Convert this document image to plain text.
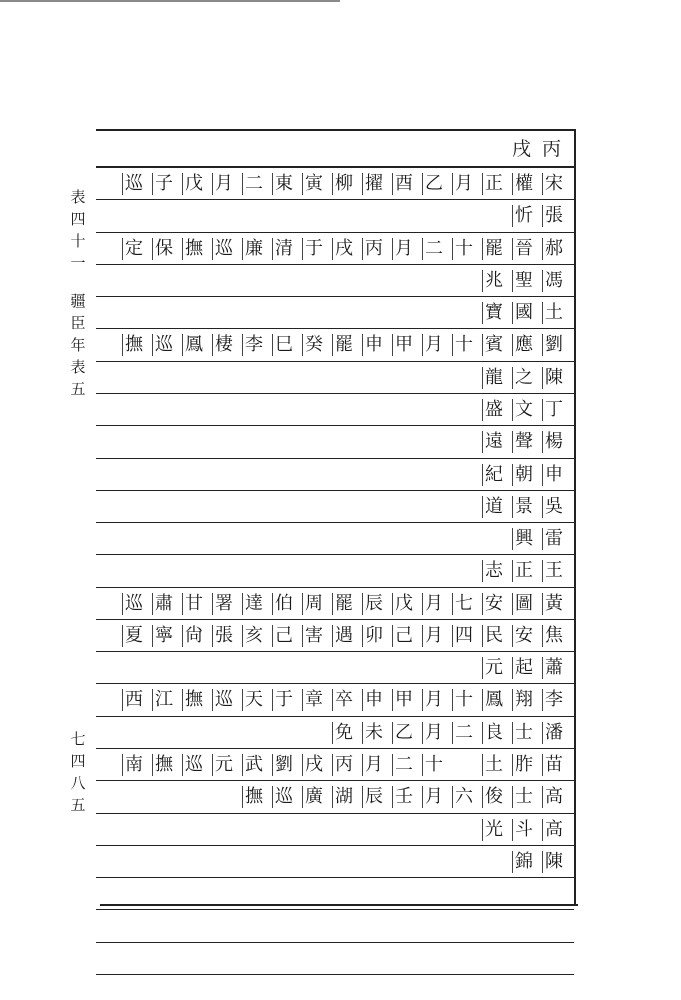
表
四
十
一
疆
臣
年
表
五
七
四
八
五
丙
戌
宋
權
正
月
乙
酉
擢
柳
寅
東
二
月
戊
子
巡
張
忻
郝
晉
罷
十
二
月
丙
戌
于
清
廉
巡
撫
保
定
馮
聖
兆
土
國
寶
劉
應
賓
十
月
甲
申
罷
癸
巳
李
棲
鳳
巡
撫
陳
之
龍
丁
文
盛
楊
聲
遠
申
朝
紀
吳
景
道
雷
興
王
正
志
黃
圖
安
七
月
戊
辰
罷
周
伯
達
署
甘
肅
巡
焦
安
民
四
月
己
卯
遇
害
己
亥
張
尙
寧
夏
蕭
起
元
李
翔
鳳
十
月
甲
申
卒
章
于
天
巡
撫
江
西
潘
士
良
二
月
乙
未
免
苗
胙
土
十
二
月
丙
戌
劉
武
元
巡
撫
南
高
士
俊
六
月
壬
辰
湖
廣
巡
撫
高
斗
光
陳
錦
